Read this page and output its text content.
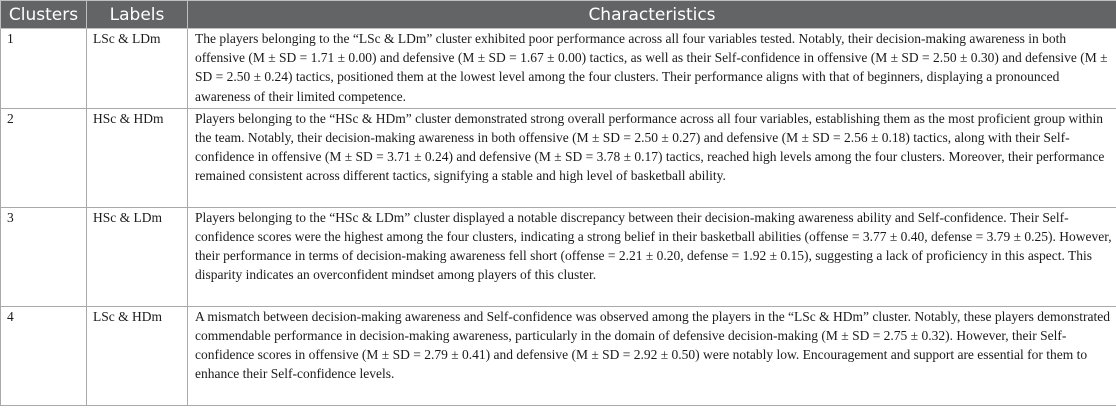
Clusters	Labels	Characteristics
1	LSc & LDm	The players belonging to the “LSc & LDm” cluster exhibited poor performance across all four variables tested. Notably, their decision-making awareness in both offensive (M ± SD = 1.71 ± 0.00) and defensive (M ± SD = 1.67 ± 0.00) tactics, as well as their Self-confidence in offensive (M ± SD = 2.50 ± 0.30) and defensive (M ± SD = 2.50 ± 0.24) tactics, positioned them at the lowest level among the four clusters. Their performance aligns with that of beginners, displaying a pronounced awareness of their limited competence.
2	HSc & HDm	Players belonging to the “HSc & HDm” cluster demonstrated strong overall performance across all four variables, establishing them as the most proficient group within the team. Notably, their decision-making awareness in both offensive (M ± SD = 2.50 ± 0.27) and defensive (M ± SD = 2.56 ± 0.18) tactics, along with their Self-confidence in offensive (M ± SD = 3.71 ± 0.24) and defensive (M ± SD = 3.78 ± 0.17) tactics, reached high levels among the four clusters. Moreover, their performance remained consistent across different tactics, signifying a stable and high level of basketball ability.
3	HSc & LDm	Players belonging to the “HSc & LDm” cluster displayed a notable discrepancy between their decision-making awareness ability and Self-confidence. Their Self-confidence scores were the highest among the four clusters, indicating a strong belief in their basketball abilities (offense = 3.77 ± 0.40, defense = 3.79 ± 0.25). However, their performance in terms of decision-making awareness fell short (offense = 2.21 ± 0.20, defense = 1.92 ± 0.15), suggesting a lack of proficiency in this aspect. This disparity indicates an overconfident mindset among players of this cluster.
4	LSc & HDm	A mismatch between decision-making awareness and Self-confidence was observed among the players in the “LSc & HDm” cluster. Notably, these players demonstrated commendable performance in decision-making awareness, particularly in the domain of defensive decision-making (M ± SD = 2.75 ± 0.32). However, their Self-confidence scores in offensive (M ± SD = 2.79 ± 0.41) and defensive (M ± SD = 2.92 ± 0.50) were notably low. Encouragement and support are essential for them to enhance their Self-confidence levels.
